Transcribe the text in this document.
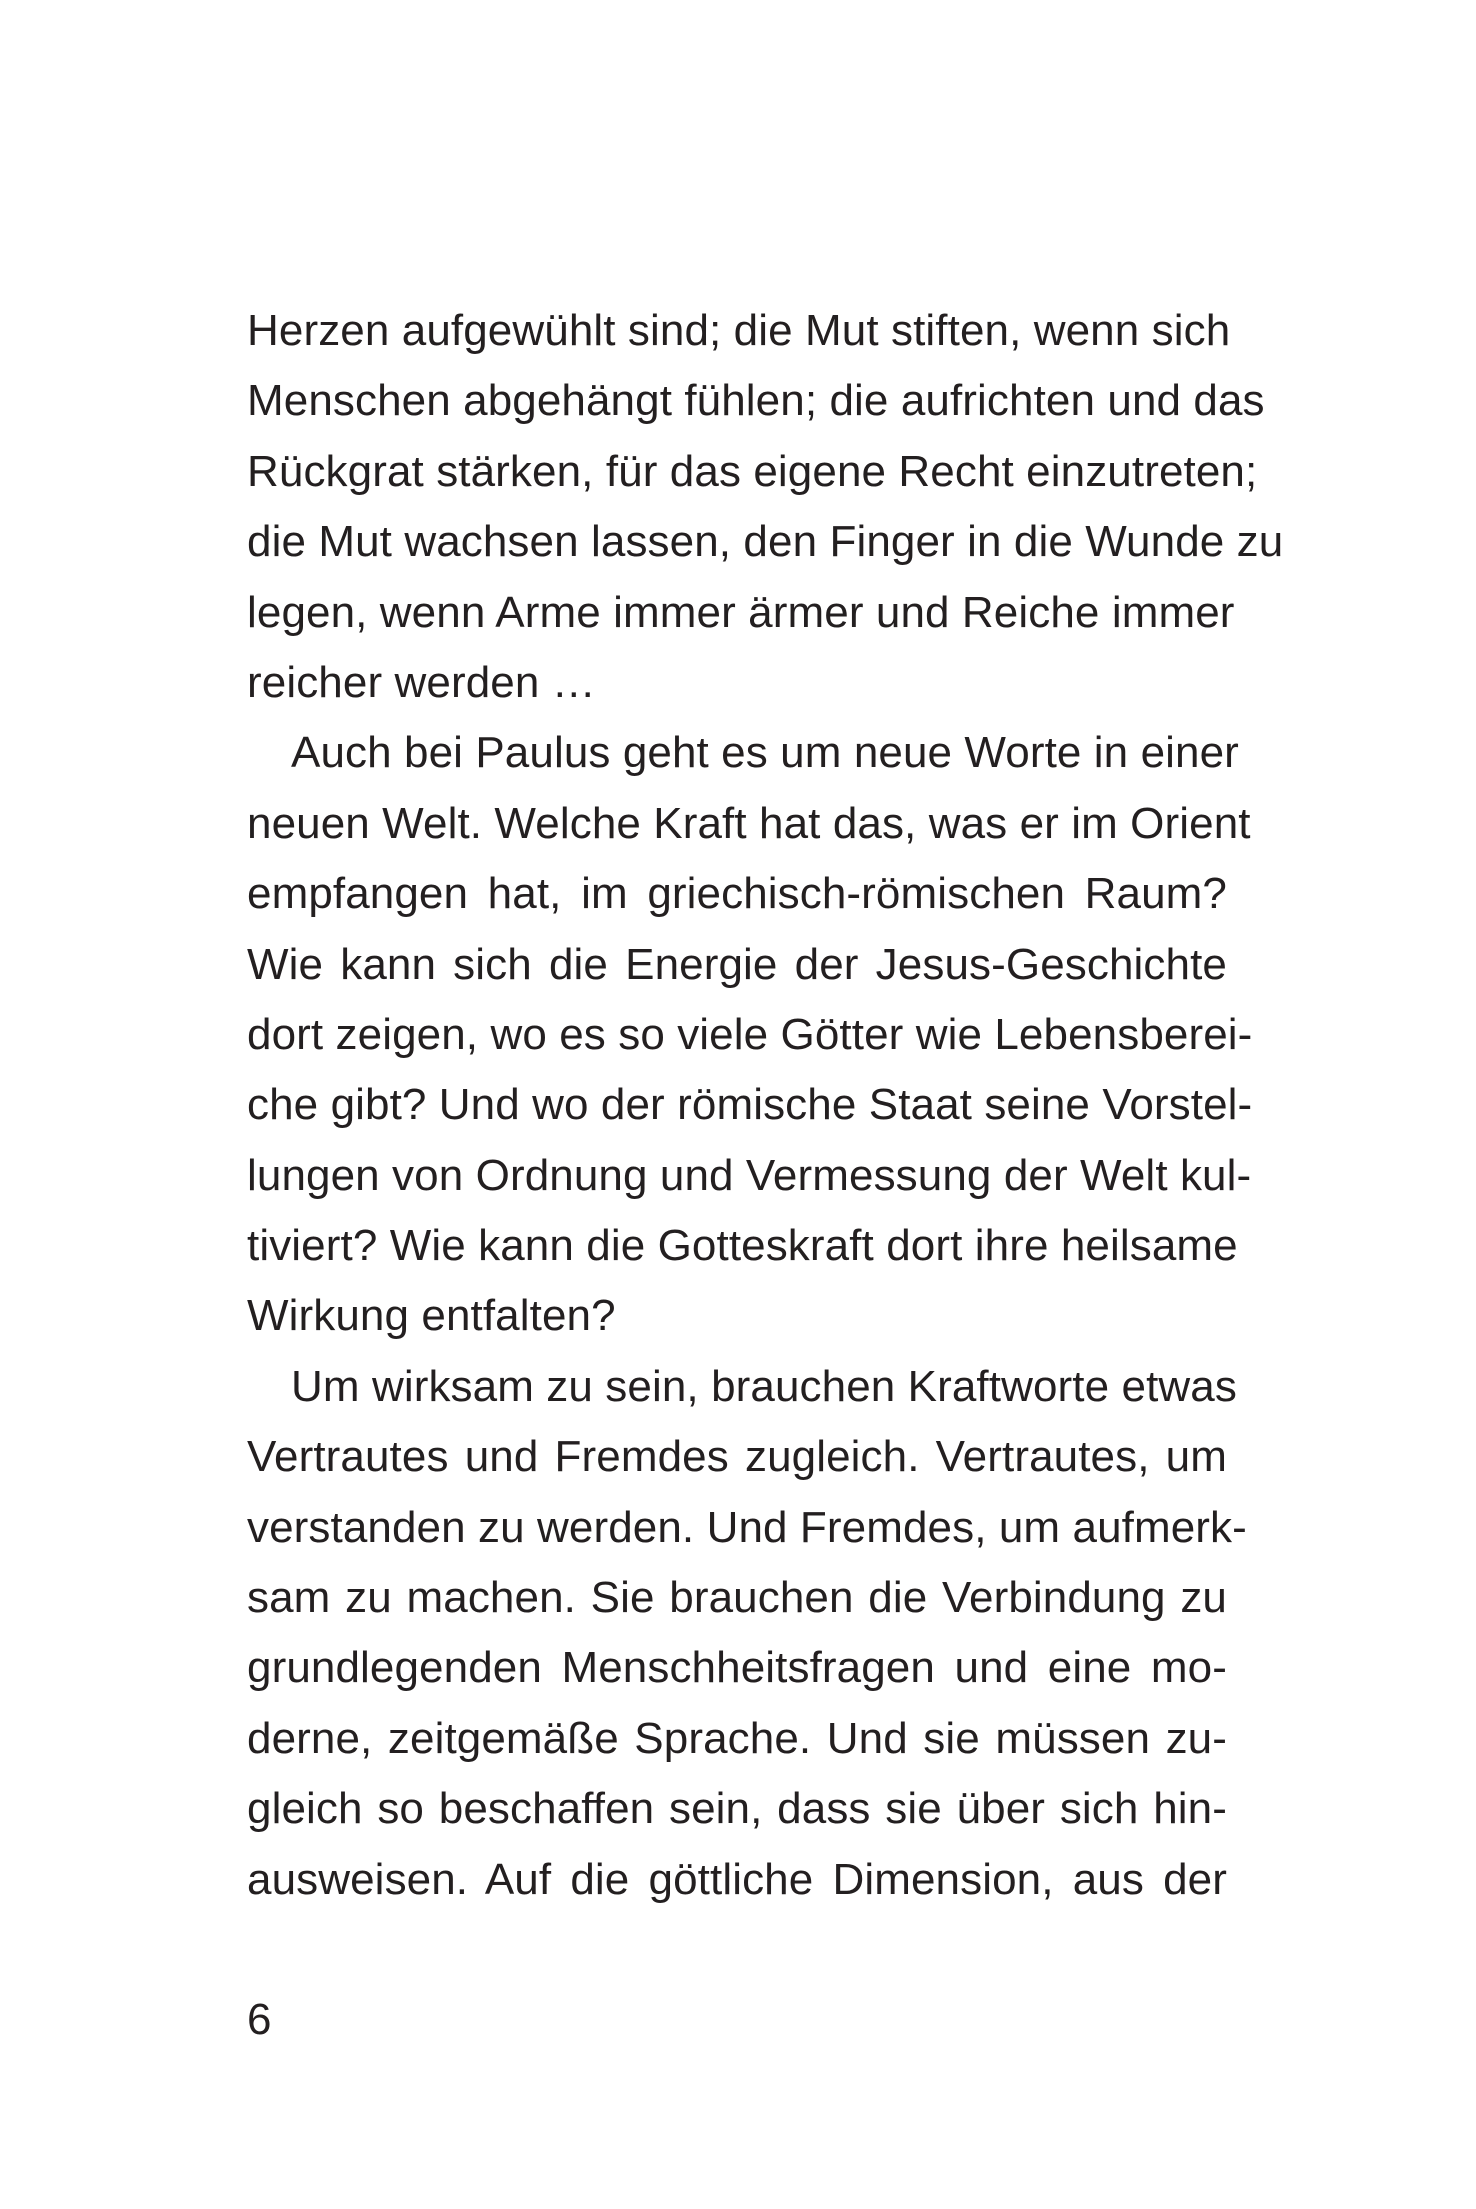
Herzen aufgewühlt sind; die Mut stiften, wenn sich
Menschen abgehängt fühlen; die aufrichten und das
Rückgrat stärken, für das eigene Recht einzutreten;
die Mut wachsen lassen, den Finger in die Wunde zu
legen, wenn Arme immer ärmer und Reiche immer
reicher werden …
Auch bei Paulus geht es um neue Worte in einer
neuen Welt. Welche Kraft hat das, was er im Orient
empfangen hat, im griechisch-römischen Raum?
Wie kann sich die Energie der Jesus-Geschichte
dort zeigen, wo es so viele Götter wie Lebensberei-
che gibt? Und wo der römische Staat seine Vorstel-
lungen von Ordnung und Vermessung der Welt kul-
tiviert? Wie kann die Gotteskraft dort ihre heilsame
Wirkung entfalten?
Um wirksam zu sein, brauchen Kraftworte etwas
Vertrautes und Fremdes zugleich. Vertrautes, um
verstanden zu werden. Und Fremdes, um aufmerk-
sam zu machen. Sie brauchen die Verbindung zu
grundlegenden Menschheitsfragen und eine mo-
derne, zeitgemäße Sprache. Und sie müssen zu-
gleich so beschaffen sein, dass sie über sich hin-
ausweisen. Auf die göttliche Dimension, aus der
6
